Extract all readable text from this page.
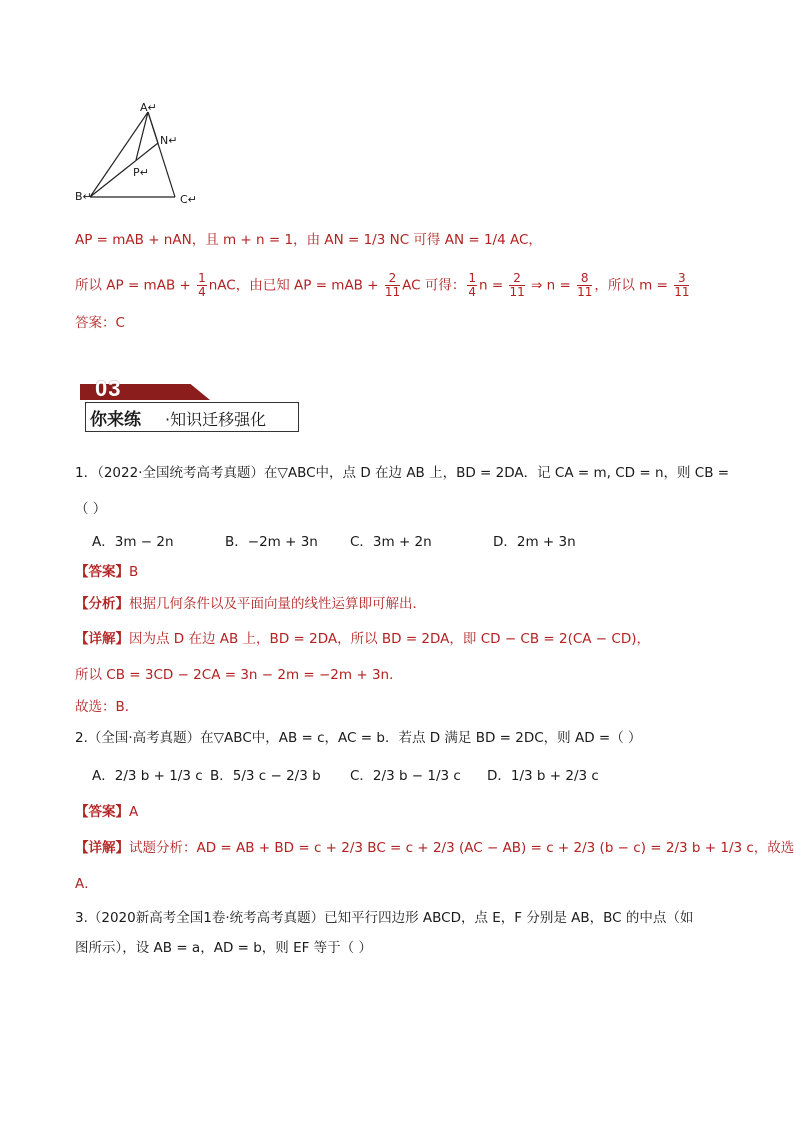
A↵
N↵
P↵
B↵	C↵
AP = mAB + nAN，且 m + n = 1，由 AN = 1/3 NC 可得 AN = 1/4 AC，
所以 AP = mAB + $\frac{1}{4}$ nAC，由已知 AP = mAB + $\frac{2}{11}$ AC 可得： $\frac{1}{4}$ $n = \frac{2}{11}$ ⇒ $n = \frac{8}{11}$ ，所以 $m = \frac{3}{11}$
答案：C
03
你来练 ·知识迁移强化
1．（2022·全国统考高考真题）在▽ABC中，点 D 在边 AB 上，BD = 2DA．记 CA = m, CD = n，则 CB =
（ ）
A．3m − 2n	B．−2m + 3n C．3m + 2n	D．2m + 3n
【答案】B
【分析】根据几何条件以及平面向量的线性运算即可解出．
【详解】因为点 D 在边 AB 上，BD = 2DA，所以 BD = 2DA，即 CD − CB = 2(CA − CD)，
所以 CB = 3CD − 2CA = 3n − 2m = −2m + 3n．
故选：B．
2.（全国·高考真题）在▽ABC中，AB = c，AC = b．若点 D 满足 BD = 2DC，则 AD =（ ）
A．2/3 b + 1/3 c B．5/3 c − 2/3 b C．2/3 b − 1/3 c D．1/3 b + 2/3 c
【答案】A
【详解】试题分析：AD = AB + BD = c + 2/3 BC = c + 2/3 (AC − AB) = c + 2/3 (b − c) = 2/3 b + 1/3 c，故选
A．
3.（2020新高考全国1卷·统考高考真题）已知平行四边形 ABCD，点 E，F 分别是 AB，BC 的中点（如
图所示），设 AB = a，AD = b，则 EF 等于（ ）
